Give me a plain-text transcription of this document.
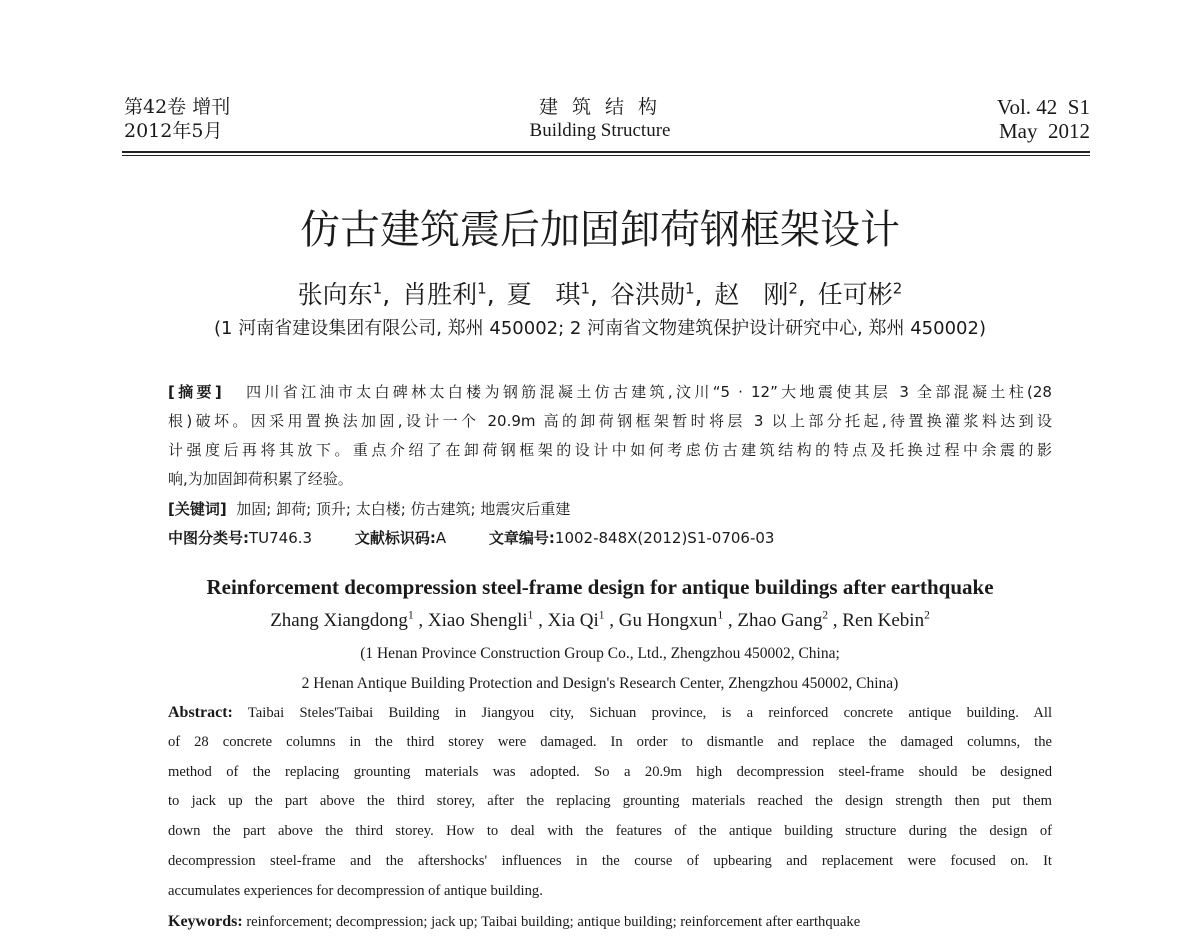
第42卷 增刊
2012年5月
建 筑 结 构
Building Structure
Vol. 42  S1
May  2012
仿古建筑震后加固卸荷钢框架设计
张向东$^1$, 肖胜利$^1$, 夏  琪$^1$, 谷洪勋$^1$, 赵  刚$^2$, 任可彬$^2$
(1 河南省建设集团有限公司, 郑州 450002; 2 河南省文物建筑保护设计研究中心, 郑州 450002)
[摘要] 四川省江油市太白碑林太白楼为钢筋混凝土仿古建筑,汶川“5 · 12”大地震使其层 3 全部混凝土柱(28
根)破坏。因采用置换法加固,设计一个 20.9m 高的卸荷钢框架暂时将层 3 以上部分托起,待置换灌浆料达到设
计强度后再将其放下。重点介绍了在卸荷钢框架的设计中如何考虑仿古建筑结构的特点及托换过程中余震的影
响,为加固卸荷积累了经验。
[关键词] 加固; 卸荷; 顶升; 太白楼; 仿古建筑; 地震灾后重建
中图分类号:TU746.3	文献标识码:A	文章编号:1002-848X(2012)S1-0706-03
Reinforcement decompression steel-frame design for antique buildings after earthquake
Zhang Xiangdong$^1$ , Xiao Shengli$^1$ , Xia Qi$^1$ , Gu Hongxun$^1$ , Zhao Gang$^2$ , Ren Kebin$^2$
(1 Henan Province Construction Group Co., Ltd., Zhengzhou 450002, China;
2 Henan Antique Building Protection and Design's Research Center, Zhengzhou 450002, China)
Abstract: Taibai Steles'Taibai Building in Jiangyou city, Sichuan province, is a reinforced concrete antique building. All
of 28 concrete columns in the third storey were damaged. In order to dismantle and replace the damaged columns, the
method of the replacing grounting materials was adopted. So a 20.9m high decompression steel-frame should be designed
to jack up the part above the third storey, after the replacing grounting materials reached the design strength then put them
down the part above the third storey. How to deal with the features of the antique building structure during the design of
decompression steel-frame and the aftershocks' influences in the course of upbearing and replacement were focused on. It
accumulates experiences for decompression of antique building.
Keywords: reinforcement; decompression; jack up; Taibai building; antique building; reinforcement after earthquake
